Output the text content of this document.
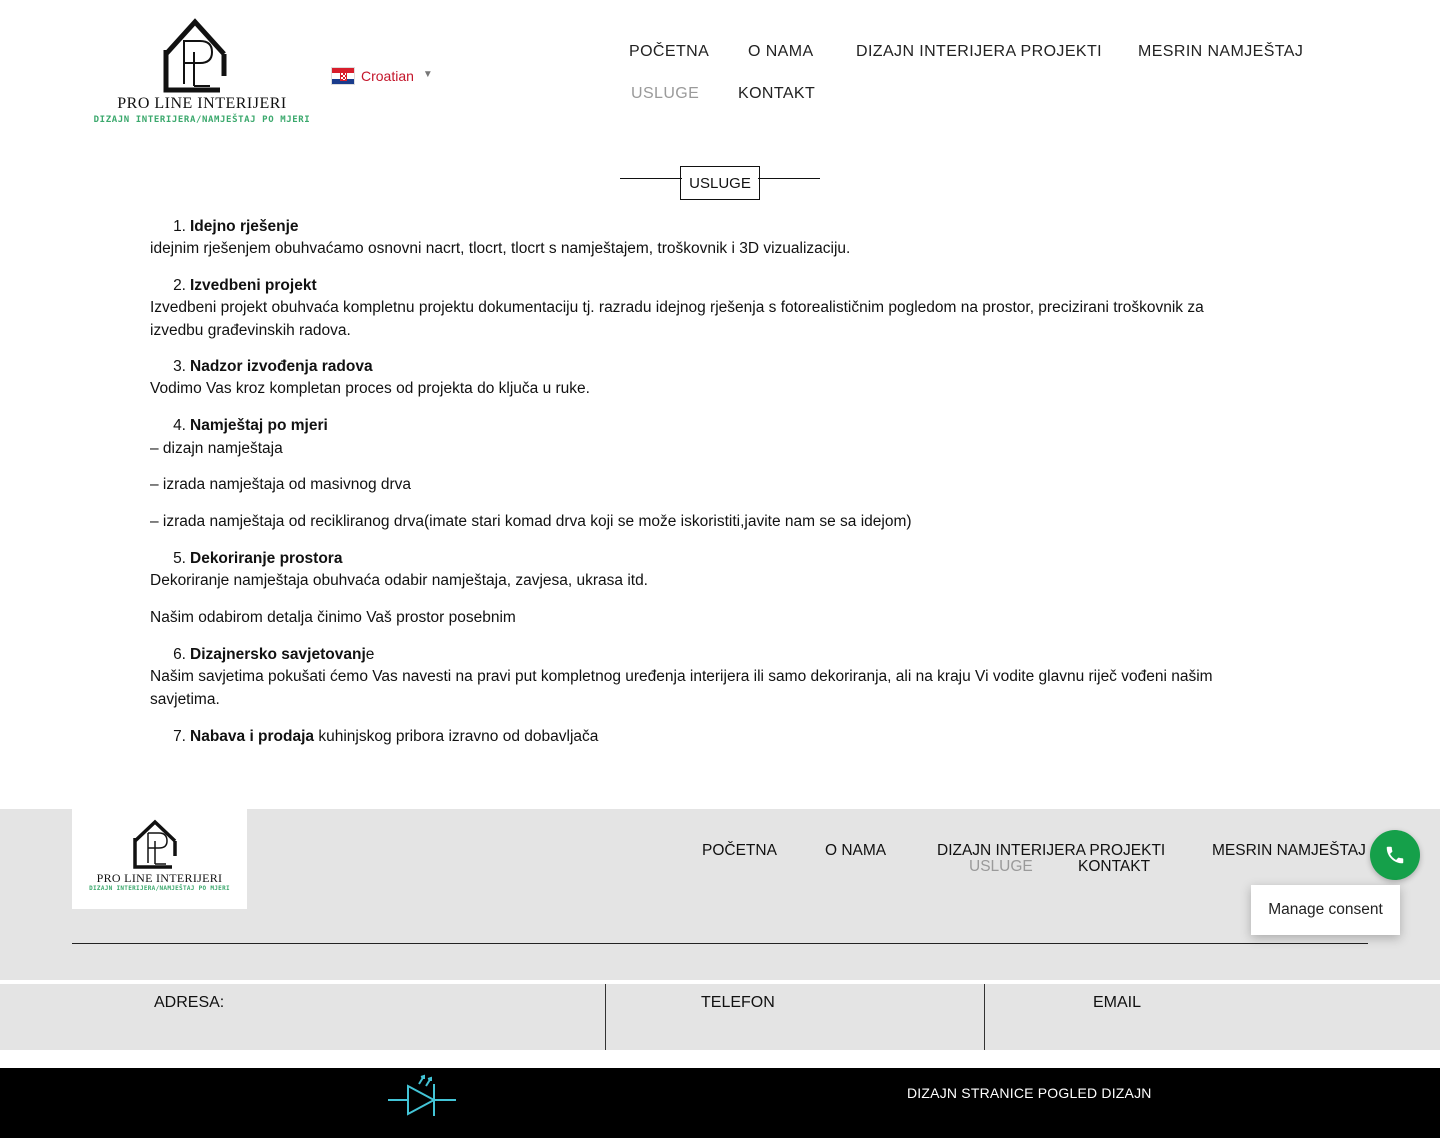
PRO LINE INTERIJERI
DIZAJN INTERIJERA/NAMJEŠTAJ PO MJERI
Croatian ▼
POČETNA O NAMA	DIZAJN INTERIJERA PROJEKTI MESRIN NAMJEŠTAJ
USLUGE KONTAKT
USLUGE
1. Idejno rješenje
idejnim rješenjem obuhvaćamo osnovni nacrt, tlocrt, tlocrt s namještajem, troškovnik i 3D vizualizaciju.
2. Izvedbeni projekt
Izvedbeni projekt obuhvaća kompletnu projektu dokumentaciju tj. razradu idejnog rješenja s fotorealističnim pogledom na prostor, precizirani troškovnik za izvedbu građevinskih radova.
3. Nadzor izvođenja radova
Vodimo Vas kroz kompletan proces od projekta do ključa u ruke.
4. Namještaj po mjeri
– dizajn namještaja
– izrada namještaja od masivnog drva
– izrada namještaja od recikliranog drva(imate stari komad drva koji se može iskoristiti,javite nam se sa idejom)
5. Dekoriranje prostora
Dekoriranje namještaja obuhvaća odabir namještaja, zavjesa, ukrasa itd.
Našim odabirom detalja činimo Vaš prostor posebnim
6. Dizajnersko savjetovanje
Našim savjetima pokušati ćemo Vas navesti na pravi put kompletnog uređenja interijera ili samo dekoriranja, ali na kraju Vi vodite glavnu riječ vođeni našim savjetima.
7. Nabava i prodaja kuhinjskog pribora izravno od dobavljača
PRO LINE INTERIJERI
DIZAJN INTERIJERA/NAMJEŠTAJ PO MJERI
POČETNA	O NAMA	DIZAJN INTERIJERA PROJEKTI	MESRIN NAMJEŠTAJ
USLUGE	KONTAKT
Manage consent
ADRESA:	TELEFON	EMAIL
DIZAJN STRANICE POGLED DIZAJN
